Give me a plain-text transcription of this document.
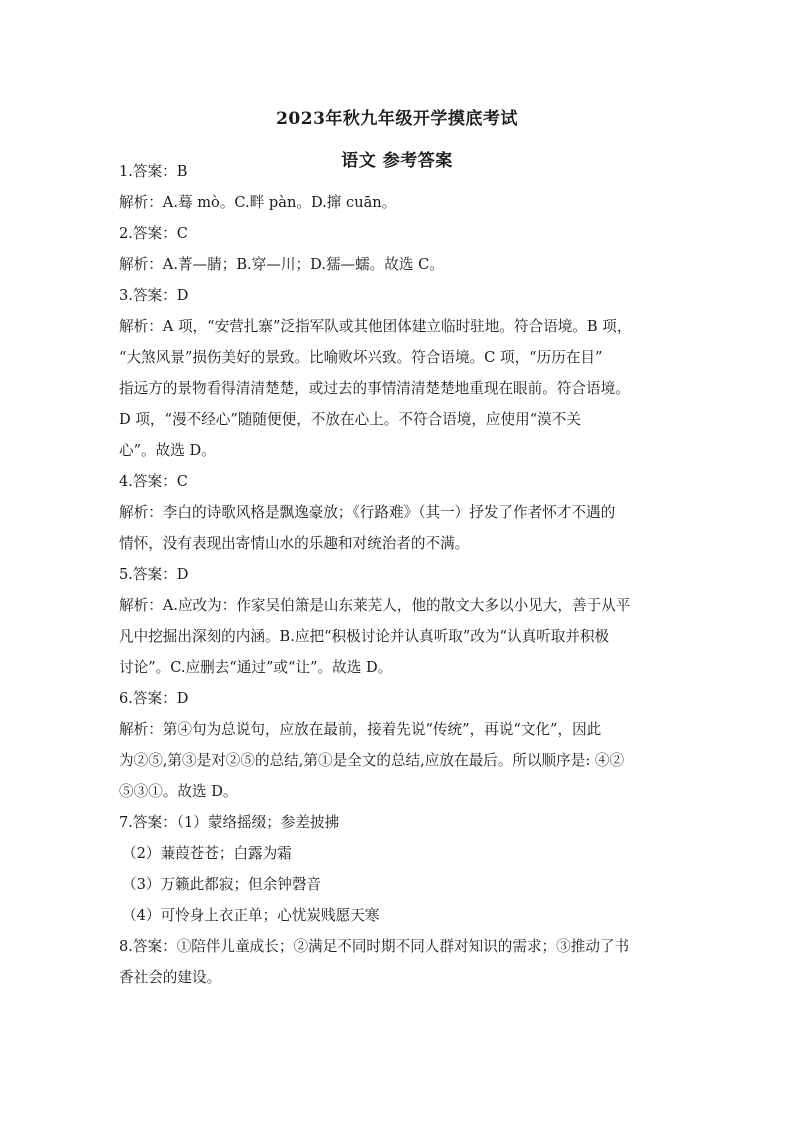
2023年秋九年级开学摸底考试
语文 参考答案
1.答案：B
解析：A.蓦 mò。C.畔 pàn。D.撺 cuān。
2.答案：C
解析：A.菁—腈；B.穿—川；D.獳—蠕。故选 C。
3.答案：D
解析：A 项，“安营扎寨”泛指军队或其他团体建立临时驻地。符合语境。B 项，
“大煞风景”损伤美好的景致。比喻败坏兴致。符合语境。C 项，“历历在目”
指远方的景物看得清清楚楚，或过去的事情清清楚楚地重现在眼前。符合语境。
D 项，“漫不经心”随随便便，不放在心上。不符合语境，应使用“漠不关
心”。故选 D。
4.答案：C
解析：李白的诗歌风格是飘逸豪放；《行路难》（其一）抒发了作者怀才不遇的
情怀，没有表现出寄情山水的乐趣和对统治者的不满。
5.答案：D
解析：A.应改为：作家吴伯箫是山东莱芜人，他的散文大多以小见大，善于从平
凡中挖掘出深刻的内涵。B.应把“积极讨论并认真听取”改为“认真听取并积极
讨论”。C.应删去“通过”或“让”。故选 D。
6.答案：D
解析：第④句为总说句，应放在最前，接着先说“传统”，再说“文化”，因此
为②⑤,第③是对②⑤的总结,第①是全文的总结,应放在最后。所以顺序是: ④②
⑤③①。故选 D。
7.答案：（1）蒙络摇缀；参差披拂
（2）蒹葭苍苍；白露为霜
（3）万籁此都寂；但余钟磬音
（4）可怜身上衣正单；心忧炭贱愿天寒
8.答案：①陪伴儿童成长；②满足不同时期不同人群对知识的需求；③推动了书
香社会的建设。
